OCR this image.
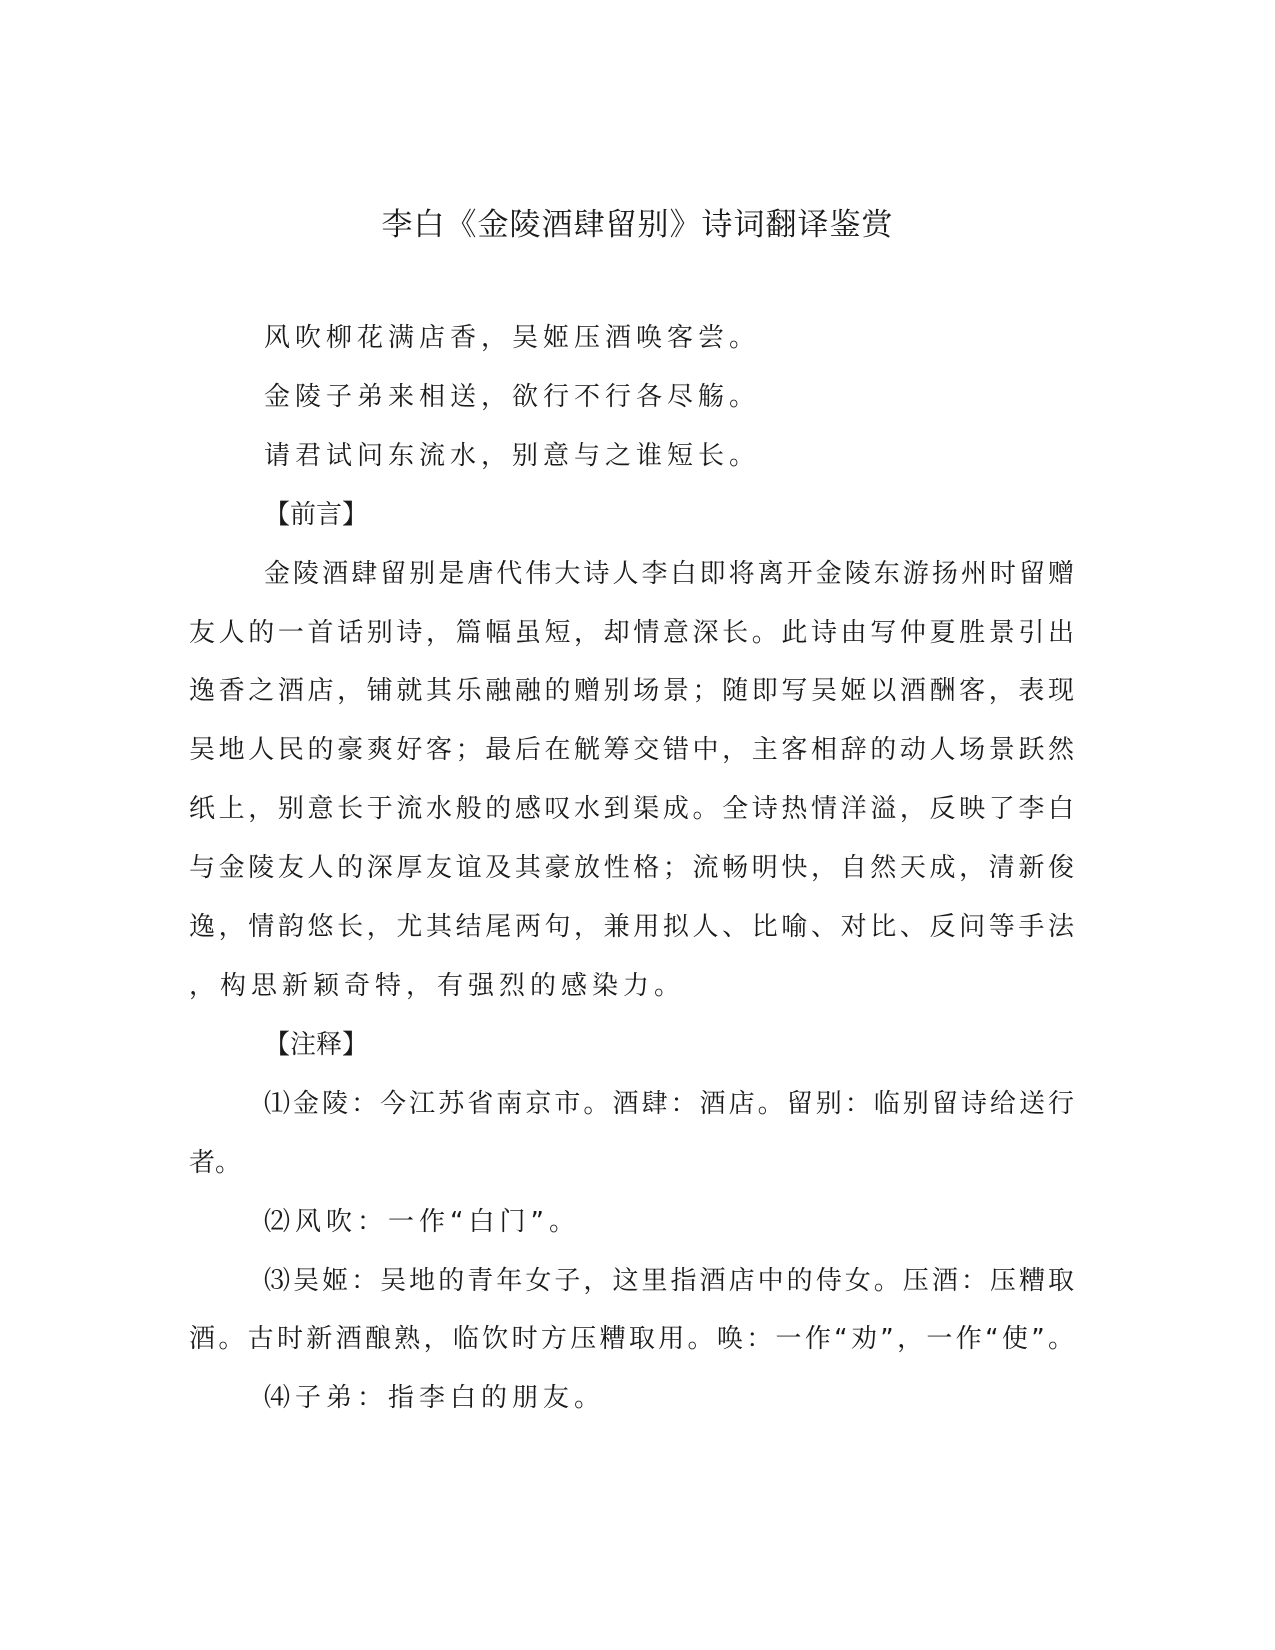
李白《金陵酒肆留别》诗词翻译鉴赏
风吹柳花满店香，吴姬压酒唤客尝。
金陵子弟来相送，欲行不行各尽觞。
请君试问东流水，别意与之谁短长。
【前言】
金陵酒肆留别是唐代伟大诗人李白即将离开金陵东游扬州时留赠
友人的一首话别诗，篇幅虽短，却情意深长。此诗由写仲夏胜景引出
逸香之酒店，铺就其乐融融的赠别场景；随即写吴姬以酒酬客，表现
吴地人民的豪爽好客；最后在觥筹交错中，主客相辞的动人场景跃然
纸上，别意长于流水般的感叹水到渠成。全诗热情洋溢，反映了李白
与金陵友人的深厚友谊及其豪放性格；流畅明快，自然天成，清新俊
逸，情韵悠长，尤其结尾两句，兼用拟人、比喻、对比、反问等手法
，构思新颖奇特，有强烈的感染力。
【注释】
⑴金陵：今江苏省南京市。酒肆：酒店。留别：临别留诗给送行
者。
⑵风吹：一作“白门”。
⑶吴姬：吴地的青年女子，这里指酒店中的侍女。压酒：压糟取
酒。古时新酒酿熟，临饮时方压糟取用。唤：一作“劝”，一作“使”。
⑷子弟：指李白的朋友。
